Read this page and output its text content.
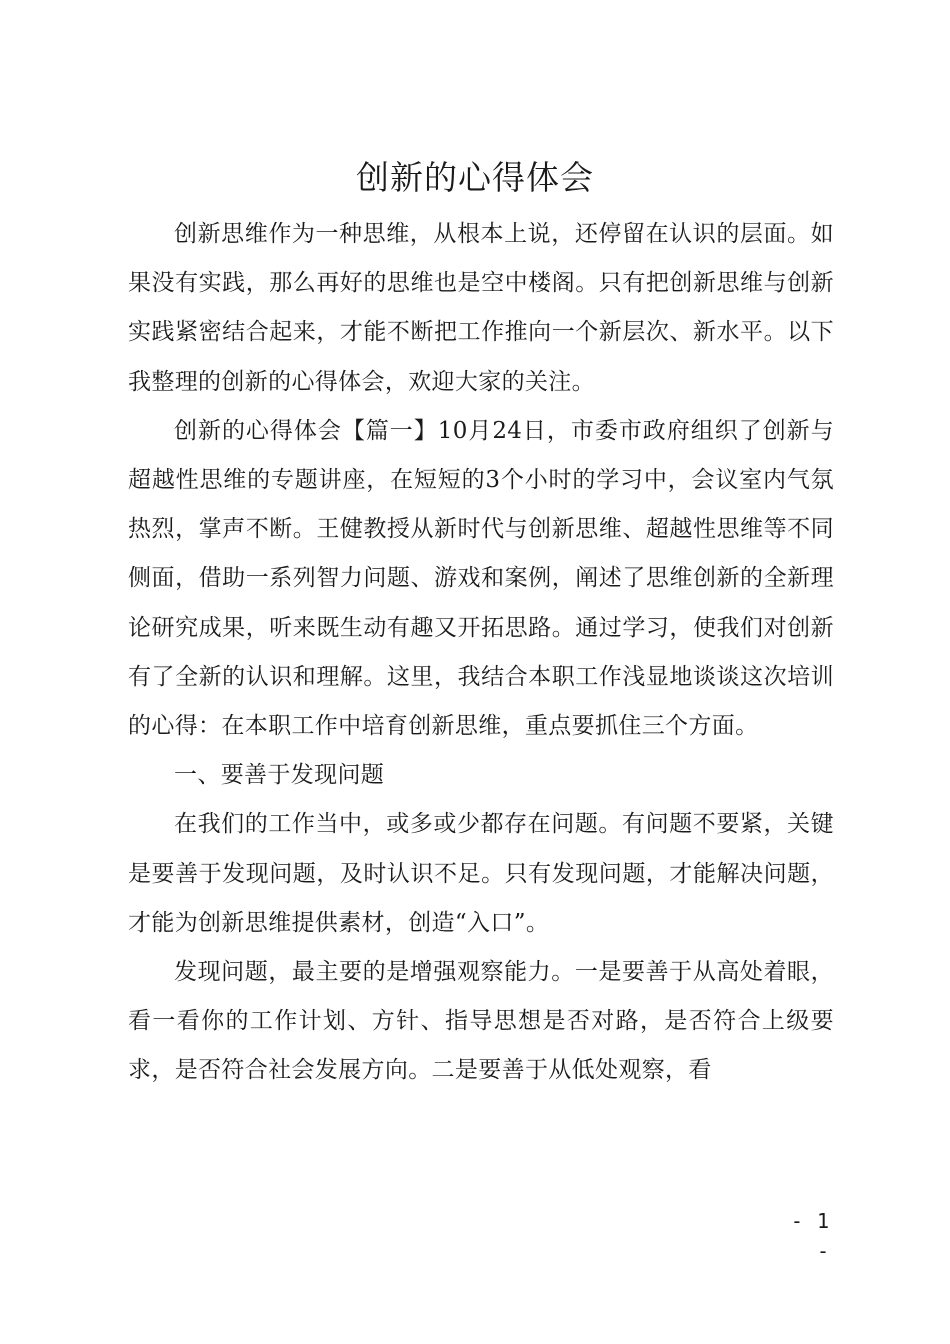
创新的心得体会

创新思维作为一种思维，从根本上说，还停留在认识的层面。如果没有实践，那么再好的思维也是空中楼阁。只有把创新思维与创新实践紧密结合起来，才能不断把工作推向一个新层次、新水平。以下我整理的创新的心得体会，欢迎大家的关注。

创新的心得体会【篇一】10月24日，市委市政府组织了创新与超越性思维的专题讲座，在短短的3个小时的学习中，会议室内气氛热烈，掌声不断。王健教授从新时代与创新思维、超越性思维等不同侧面，借助一系列智力问题、游戏和案例，阐述了思维创新的全新理论研究成果，听来既生动有趣又开拓思路。通过学习，使我们对创新有了全新的认识和理解。这里，我结合本职工作浅显地谈谈这次培训的心得：在本职工作中培育创新思维，重点要抓住三个方面。

一、要善于发现问题

在我们的工作当中，或多或少都存在问题。有问题不要紧，关键是要善于发现问题，及时认识不足。只有发现问题，才能解决问题，才能为创新思维提供素材，创造“入口”。

发现问题，最主要的是增强观察能力。一是要善于从高处着眼，看一看你的工作计划、方针、指导思想是否对路，是否符合上级要求，是否符合社会发展方向。二是要善于从低处观察，看

- 1 -
